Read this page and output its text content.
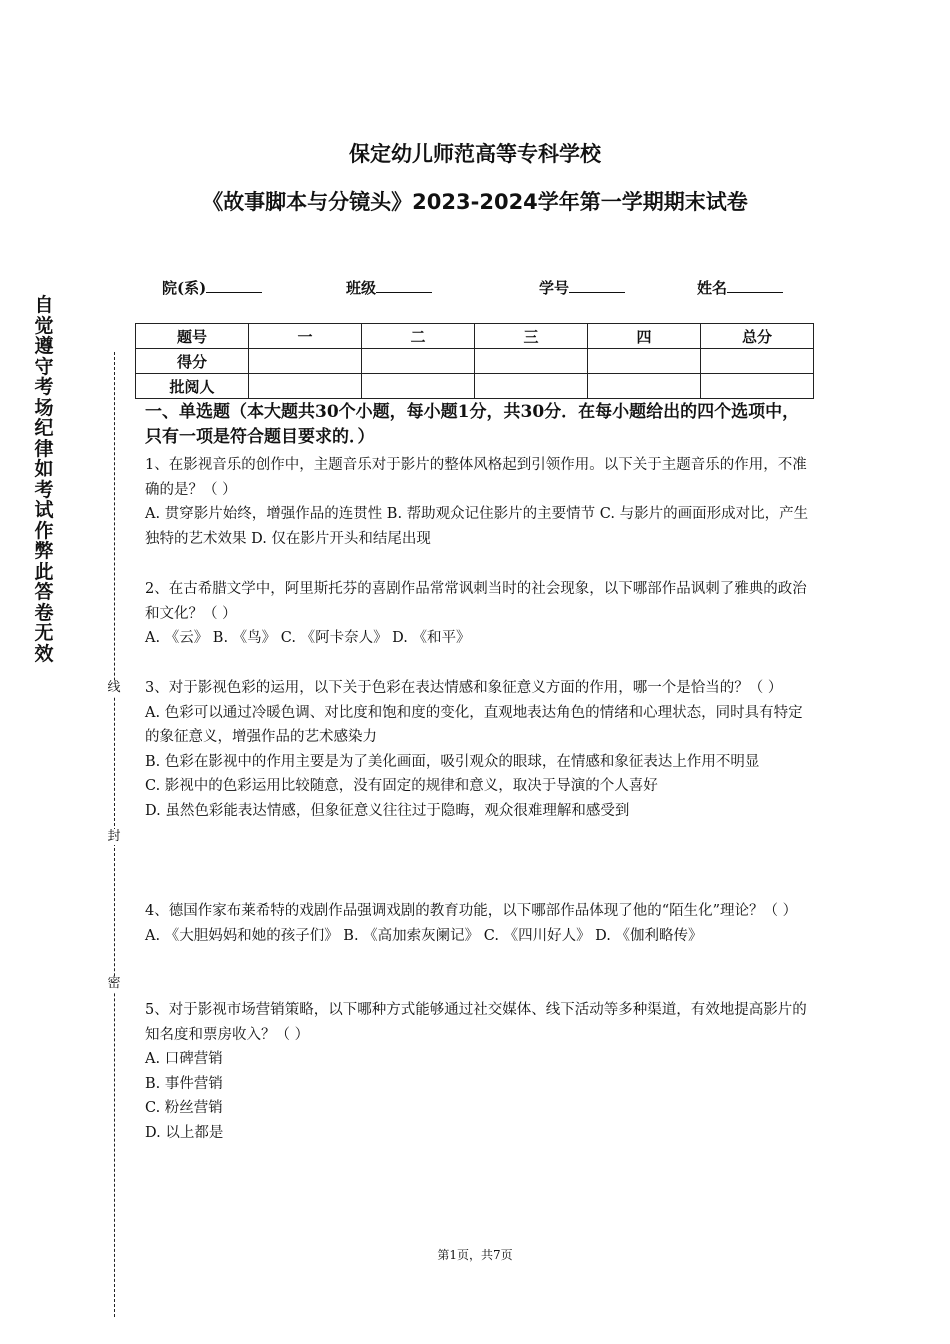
保定幼儿师范高等专科学校
《故事脚本与分镜头》2023-2024学年第一学期期末试卷
院(系)	班级	学号	姓名
题号	一	二	三	四	总分
得分					
批阅人					
自
觉
遵
守
考
场
纪
律
如
考
试
作
弊
此
答
卷
无
效
线
封
密
一、单选题（本大题共30个小题，每小题1分，共30分．在每小题给出的四个选项中，只有一项是符合题目要求的．）

1、在影视音乐的创作中，主题音乐对于影片的整体风格起到引领作用。以下关于主题音乐的作用，不准确的是？（ ）

A. 贯穿影片始终，增强作品的连贯性 B. 帮助观众记住影片的主要情节 C. 与影片的画面形成对比，产生独特的艺术效果 D. 仅在影片开头和结尾出现

2、在古希腊文学中，阿里斯托芬的喜剧作品常常讽刺当时的社会现象，以下哪部作品讽刺了雅典的政治和文化？（ ）

A. 《云》 B. 《鸟》 C. 《阿卡奈人》 D. 《和平》

3、对于影视色彩的运用，以下关于色彩在表达情感和象征意义方面的作用，哪一个是恰当的？（ ）

A. 色彩可以通过冷暖色调、对比度和饱和度的变化，直观地表达角色的情绪和心理状态，同时具有特定的象征意义，增强作品的艺术感染力

B. 色彩在影视中的作用主要是为了美化画面，吸引观众的眼球，在情感和象征表达上作用不明显

C. 影视中的色彩运用比较随意，没有固定的规律和意义，取决于导演的个人喜好

D. 虽然色彩能表达情感，但象征意义往往过于隐晦，观众很难理解和感受到

4、德国作家布莱希特的戏剧作品强调戏剧的教育功能，以下哪部作品体现了他的“陌生化”理论？（ ）

A. 《大胆妈妈和她的孩子们》 B. 《高加索灰阑记》 C. 《四川好人》 D. 《伽利略传》

5、对于影视市场营销策略，以下哪种方式能够通过社交媒体、线下活动等多种渠道，有效地提高影片的知名度和票房收入？（ ）

A. 口碑营销

B. 事件营销

C. 粉丝营销

D. 以上都是

第1页，共7页
